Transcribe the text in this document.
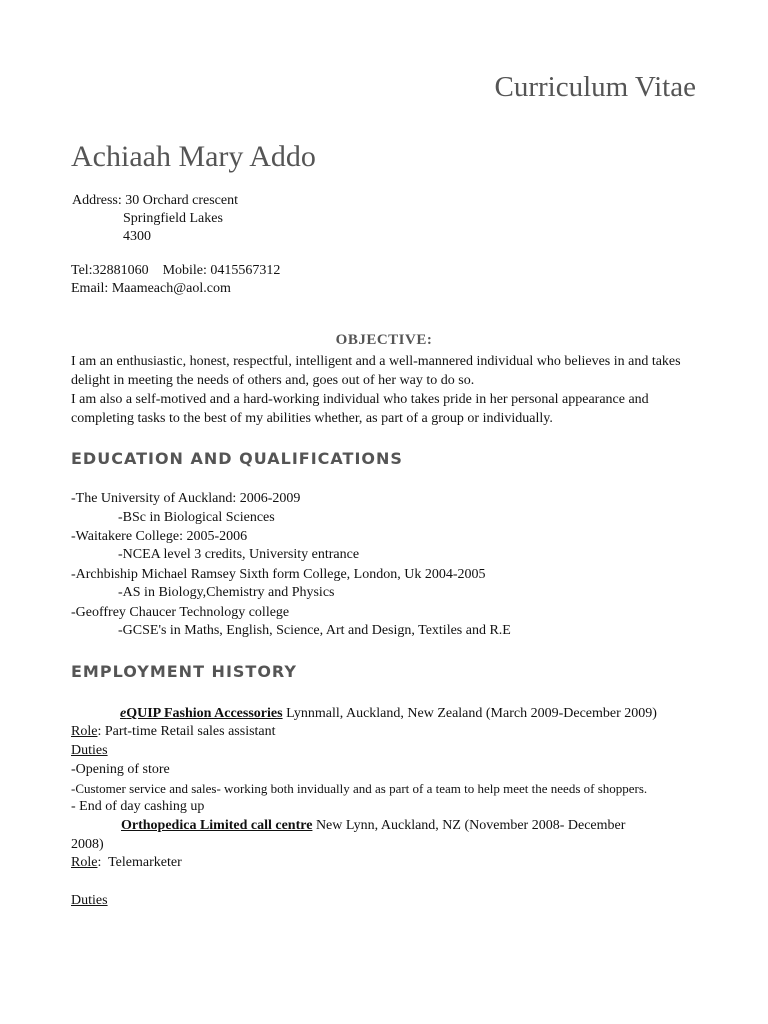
Curriculum Vitae
Achiaah Mary Addo
Address: 30 Orchard crescent
Springfield Lakes
4300
Tel:32881060    Mobile: 0415567312
Email: Maameach@aol.com
OBJECTIVE:
I am an enthusiastic, honest, respectful, intelligent and a well-mannered individual who believes in and takes delight in meeting the needs of others and, goes out of her way to do so.
I am also a self-motived and a hard-working individual who takes pride in her personal appearance and completing tasks to the best of my abilities whether, as part of a group or individually.
EDUCATION AND QUALIFICATIONS
-The University of Auckland: 2006-2009
-BSc in Biological Sciences
-Waitakere College: 2005-2006
-NCEA level 3 credits, University entrance
-Archbiship Michael Ramsey Sixth form College, London, Uk 2004-2005
-AS in Biology,Chemistry and Physics
-Geoffrey Chaucer Technology college
-GCSE's in Maths, English, Science, Art and Design, Textiles and R.E
EMPLOYMENT HISTORY
eQUIP Fashion Accessories Lynnmall, Auckland, New Zealand (March 2009-December 2009)
Role: Part-time Retail sales assistant
Duties
-Opening of store
-Customer service and sales- working both invidually and as part of a team to help meet the needs of shoppers.
- End of day cashing up
Orthopedica Limited call centre New Lynn, Auckland, NZ (November 2008- December
2008)
Role:  Telemarketer
Duties
